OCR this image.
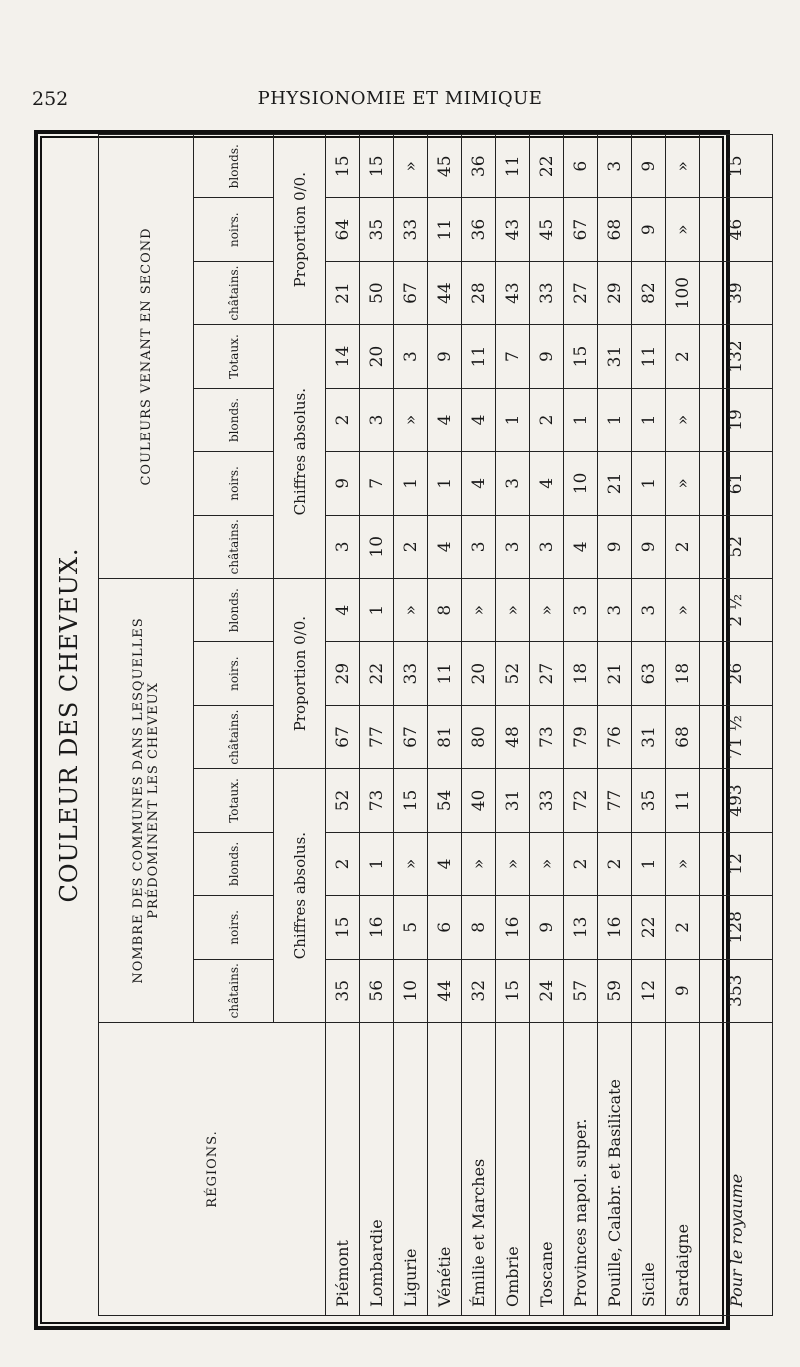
252	PHYSIONOMIE ET MIMIQUE
COULEUR DES CHEVEUX.														
RÉGIONS.	NOMBRE DES COMMUNES DANS LESQUELLES PRÉDOMINENT LES CHEVEUX							COULEURS VENANT EN SECOND						
	châtains.	noirs.	blonds.	Totaux.	châtains.	noirs.	blonds.	châtains.	noirs.	blonds.	Totaux.	châtains.	noirs.	blonds.
	Chiffres absolus.				Proportion 0/0.			Chiffres absolus.				Proportion 0/0.		
Piémont	35	15	2	52	67	29	4	3	9	2	14	21	64	15
Lombardie	56	16	1	73	77	22	1	10	7	3	20	50	35	15
Ligurie	10	5	»	15	67	33	»	2	1	»	3	67	33	»
Vénétie	44	6	4	54	81	11	8	4	1	4	9	44	11	45
Émilie et Marches	32	8	»	40	80	20	»	3	4	4	11	28	36	36
Ombrie	15	16	»	31	48	52	»	3	3	1	7	43	43	11
Toscane	24	9	»	33	73	27	»	3	4	2	9	33	45	22
Provinces napol. super.	57	13	2	72	79	18	3	4	10	1	15	27	67	6
Pouille, Calabr. et Basilicate	59	16	2	77	76	21	3	9	21	1	31	29	68	3
Sicile	12	22	1	35	31	63	3	9	1	1	11	82	9	9
Sardaigne	9	2	»	11	68	18	»	2	»	»	2	100	»	»
Pour le royaume	353	128	12	493	71 ½	26	2 ½	52	61	19	132	39	46	15
